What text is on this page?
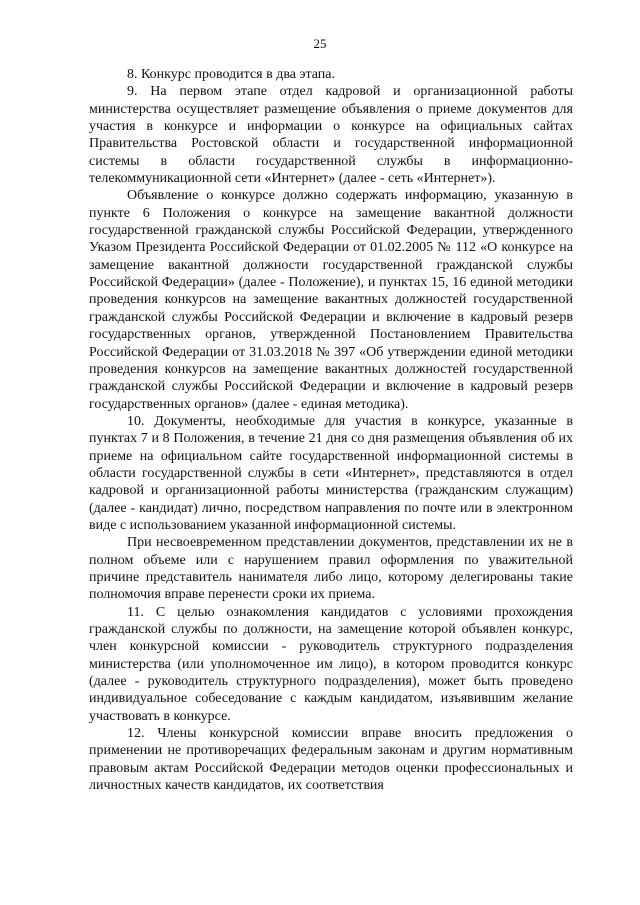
25

8. Конкурс проводится в два этапа.

9. На первом этапе отдел кадровой и организационной работы министерства осуществляет размещение объявления о приеме документов для участия в конкурсе и информации о конкурсе на официальных сайтах Правительства Ростовской области и государственной информационной системы в области государственной службы в информационно-телекоммуникационной сети «Интернет» (далее - сеть «Интернет»).

Объявление о конкурсе должно содержать информацию, указанную в пункте 6 Положения о конкурсе на замещение вакантной должности государственной гражданской службы Российской Федерации, утвержденного Указом Президента Российской Федерации от 01.02.2005 № 112 «О конкурсе на замещение вакантной должности государственной гражданской службы Российской Федерации» (далее - Положение), и пунктах 15, 16 единой методики проведения конкурсов на замещение вакантных должностей государственной гражданской службы Российской Федерации и включение в кадровый резерв государственных органов, утвержденной Постановлением Правительства Российской Федерации от 31.03.2018 № 397 «Об утверждении единой методики проведения конкурсов на замещение вакантных должностей государственной гражданской службы Российской Федерации и включение в кадровый резерв государственных органов» (далее - единая методика).

10. Документы, необходимые для участия в конкурсе, указанные в пунктах 7 и 8 Положения, в течение 21 дня со дня размещения объявления об их приеме на официальном сайте государственной информационной системы в области государственной службы в сети «Интернет», представляются в отдел кадровой и организационной работы министерства (гражданским служащим) (далее - кандидат) лично, посредством направления по почте или в электронном виде с использованием указанной информационной системы.

При несвоевременном представлении документов, представлении их не в полном объеме или с нарушением правил оформления по уважительной причине представитель нанимателя либо лицо, которому делегированы такие полномочия вправе перенести сроки их приема.

11. С целью ознакомления кандидатов с условиями прохождения гражданской службы по должности, на замещение которой объявлен конкурс, член конкурсной комиссии - руководитель структурного подразделения министерства (или уполномоченное им лицо), в котором проводится конкурс (далее - руководитель структурного подразделения), может быть проведено индивидуальное собеседование с каждым кандидатом, изъявившим желание участвовать в конкурсе.

12. Члены конкурсной комиссии вправе вносить предложения о применении не противоречащих федеральным законам и другим нормативным правовым актам Российской Федерации методов оценки профессиональных и личностных качеств кандидатов, их соответствия
